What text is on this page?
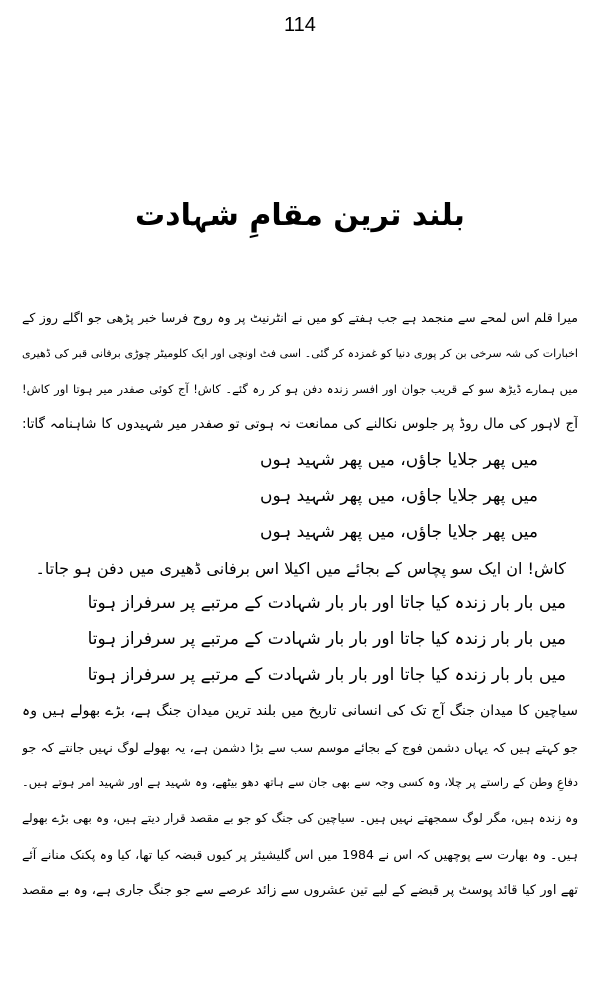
114
بلند ترین مقامِ شہادت
میرا قلم اس لمحے سے منجمد ہے جب ہفتے کو میں نے انٹرنیٹ پر وہ روح فرسا خبر پڑھی جو اگلے روز کے
اخبارات کی شہ سرخی بن کر پوری دنیا کو غمزدہ کر گئی۔ اسی فٹ اونچی اور ایک کلومیٹر چوڑی برفانی قبر کی ڈھیری
میں ہمارے ڈیڑھ سو کے قریب جوان اور افسر زندہ دفن ہو کر رہ گئے۔ کاش! آج کوئی صفدر میر ہوتا اور کاش!
آج لاہور کی مال روڈ پر جلوس نکالنے کی ممانعت نہ ہوتی تو صفدر میر شہیدوں کا شاہنامہ گاتا:
میں پھر جلایا جاؤں، میں پھر شہید ہوں
میں پھر جلایا جاؤں، میں پھر شہید ہوں
میں پھر جلایا جاؤں، میں پھر شہید ہوں
کاش! ان ایک سو پچاس کے بجائے میں اکیلا اس برفانی ڈھیری میں دفن ہو جاتا۔
میں بار بار زندہ کیا جاتا اور بار بار شہادت کے مرتبے پر سرفراز ہوتا
میں بار بار زندہ کیا جاتا اور بار بار شہادت کے مرتبے پر سرفراز ہوتا
میں بار بار زندہ کیا جاتا اور بار بار شہادت کے مرتبے پر سرفراز ہوتا
سیاچین کا میدان جنگ آج تک کی انسانی تاریخ میں بلند ترین میدان جنگ ہے، بڑے بھولے ہیں وہ
جو کہتے ہیں کہ یہاں دشمن فوج کے بجائے موسم سب سے بڑا دشمن ہے، یہ بھولے لوگ نہیں جانتے کہ جو
دفاعِ وطن کے راستے پر چلا، وہ کسی وجہ سے بھی جان سے ہاتھ دھو بیٹھے، وہ شہید ہے اور شہید امر ہوتے ہیں۔
وہ زندہ ہیں، مگر لوگ سمجھتے نہیں ہیں۔ سیاچین کی جنگ کو جو بے مقصد قرار دیتے ہیں، وہ بھی بڑے بھولے
ہیں۔ وہ بھارت سے پوچھیں کہ اس نے 1984 میں اس گلیشیئر پر کیوں قبضہ کیا تھا، کیا وہ پکنک منانے آئے
تھے اور کیا قائد پوسٹ پر قبضے کے لیے تین عشروں سے زائد عرصے سے جو جنگ جاری ہے، وہ بے مقصد
